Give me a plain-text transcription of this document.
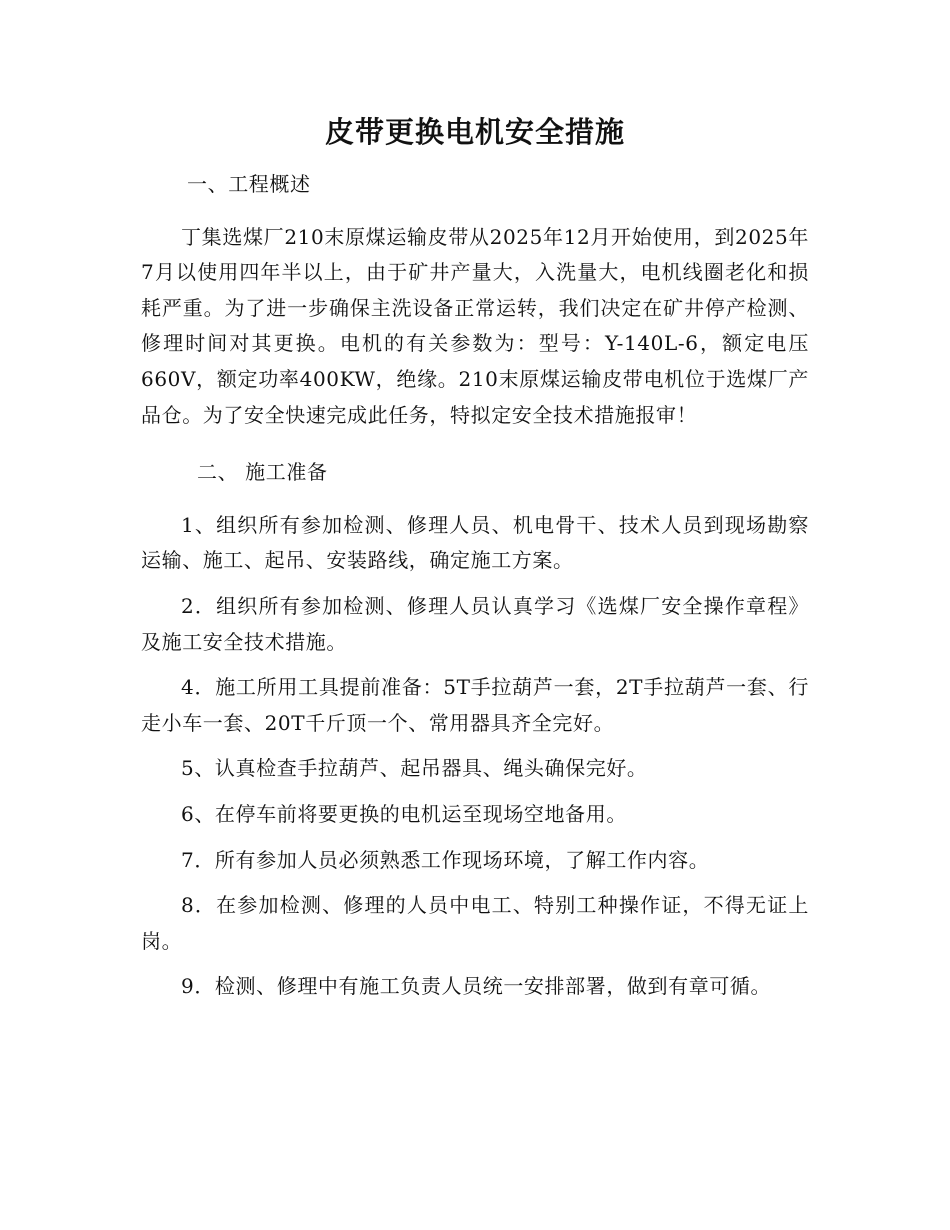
皮带更换电机安全措施

一、工程概述

丁集选煤厂210末原煤运输皮带从2025年12月开始使用，到2025年7月以使用四年半以上，由于矿井产量大，入洗量大，电机线圈老化和损耗严重。为了进一步确保主洗设备正常运转，我们决定在矿井停产检测、修理时间对其更换。电机的有关参数为：型号：Y-140L-6，额定电压660V，额定功率400KW，绝缘。210末原煤运输皮带电机位于选煤厂产品仓。为了安全快速完成此任务，特拟定安全技术措施报审！

二、 施工准备

1、组织所有参加检测、修理人员、机电骨干、技术人员到现场勘察运输、施工、起吊、安装路线，确定施工方案。

2．组织所有参加检测、修理人员认真学习《选煤厂安全操作章程》及施工安全技术措施。

4．施工所用工具提前准备：5T手拉葫芦一套，2T手拉葫芦一套、行走小车一套、20T千斤顶一个、常用器具齐全完好。

5、认真检查手拉葫芦、起吊器具、绳头确保完好。

6、在停车前将要更换的电机运至现场空地备用。

7．所有参加人员必须熟悉工作现场环境，了解工作内容。

8．在参加检测、修理的人员中电工、特别工种操作证，不得无证上岗。

9．检测、修理中有施工负责人员统一安排部署，做到有章可循。
